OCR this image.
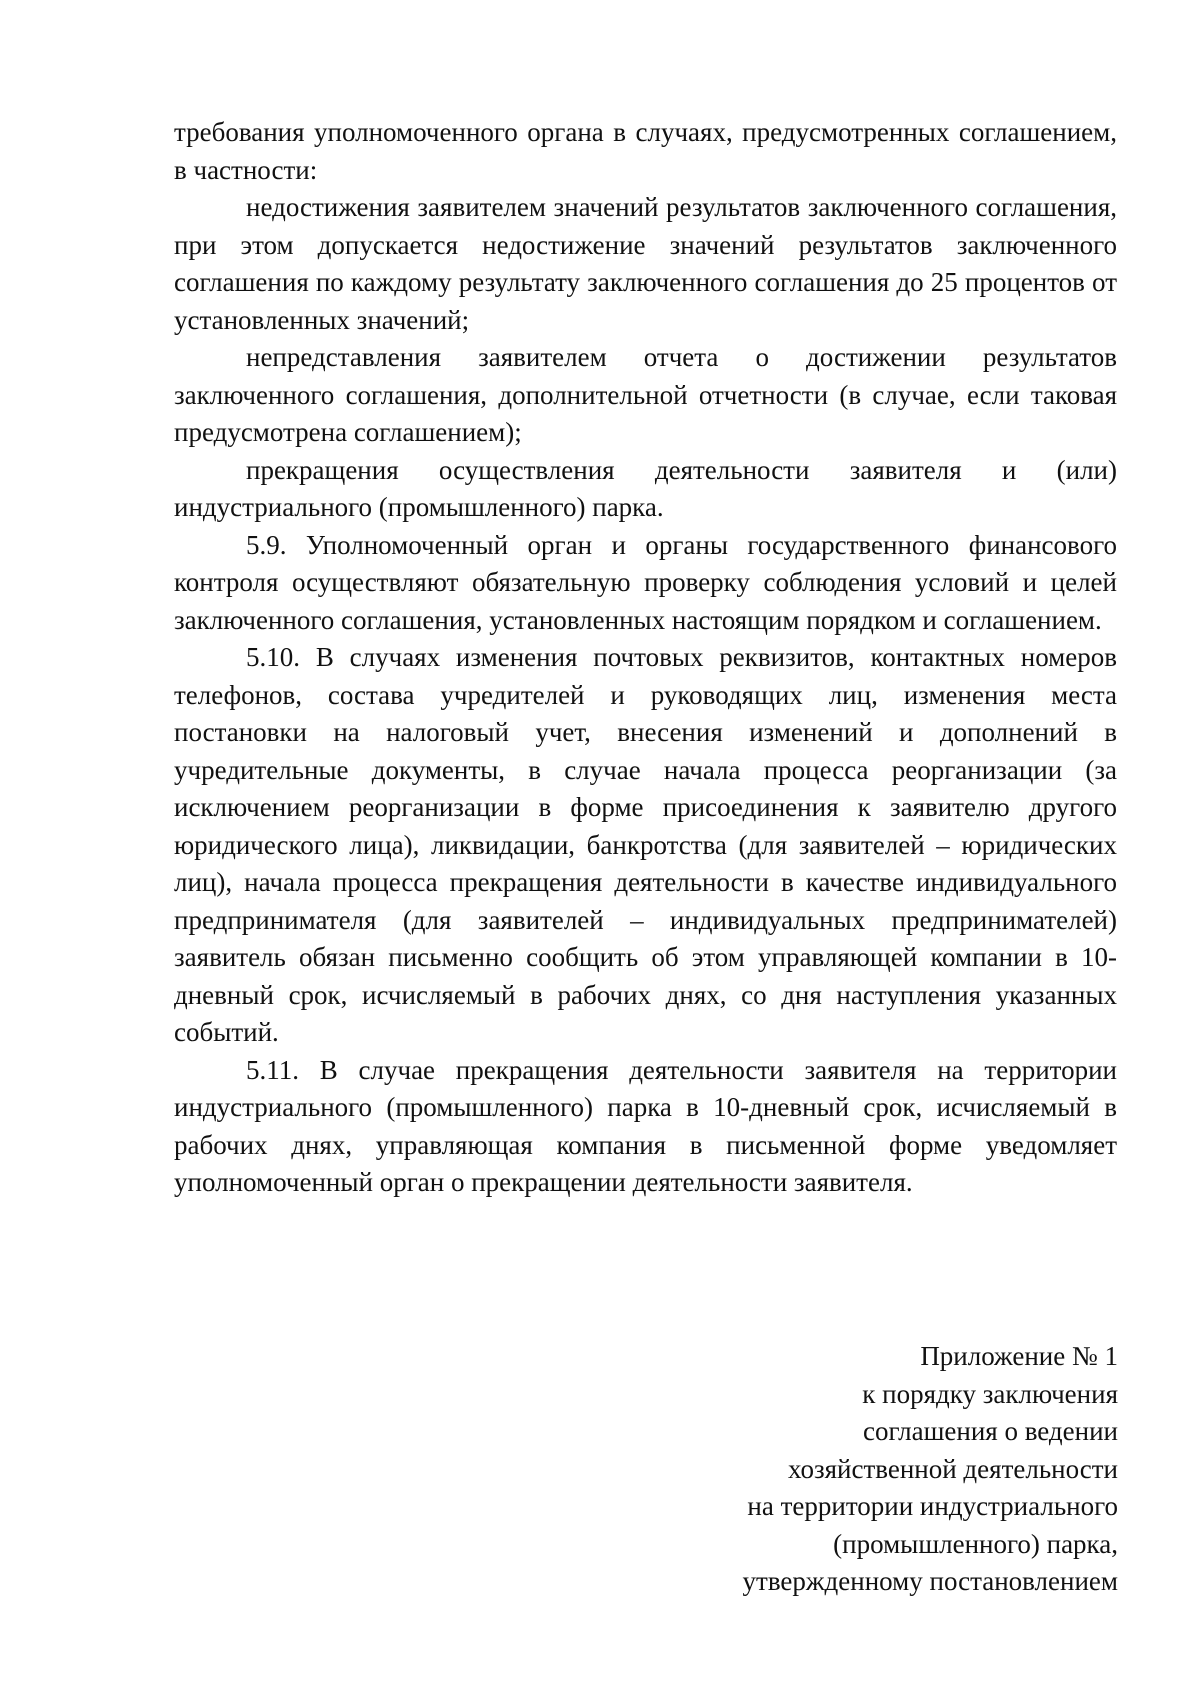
требования уполномоченного органа в случаях, предусмотренных соглашением, в частности:

недостижения заявителем значений результатов заключенного соглашения, при этом допускается недостижение значений результатов заключенного соглашения по каждому результату заключенного соглашения до 25 процентов от установленных значений;

непредставления заявителем отчета о достижении результатов заключенного соглашения, дополнительной отчетности (в случае, если таковая предусмотрена соглашением);

прекращения осуществления деятельности заявителя и (или) индустриального (промышленного) парка.

5.9. Уполномоченный орган и органы государственного финансового контроля осуществляют обязательную проверку соблюдения условий и целей заключенного соглашения, установленных настоящим порядком и соглашением.

5.10. В случаях изменения почтовых реквизитов, контактных номеров телефонов, состава учредителей и руководящих лиц, изменения места постановки на налоговый учет, внесения изменений и дополнений в учредительные документы, в случае начала процесса реорганизации (за исключением реорганизации в форме присоединения к заявителю другого юридического лица), ликвидации, банкротства (для заявителей – юридических лиц), начала процесса прекращения деятельности в качестве индивидуального предпринимателя (для заявителей – индивидуальных предпринимателей) заявитель обязан письменно сообщить об этом управляющей компании в 10-дневный срок, исчисляемый в рабочих днях, со дня наступления указанных событий.

5.11. В случае прекращения деятельности заявителя на территории индустриального (промышленного) парка в 10-дневный срок, исчисляемый в рабочих днях, управляющая компания в письменной форме уведомляет уполномоченный орган о прекращении деятельности заявителя.

Приложение № 1
к порядку заключения
соглашения о ведении
хозяйственной деятельности
на территории индустриального
(промышленного) парка,
утвержденному постановлением
